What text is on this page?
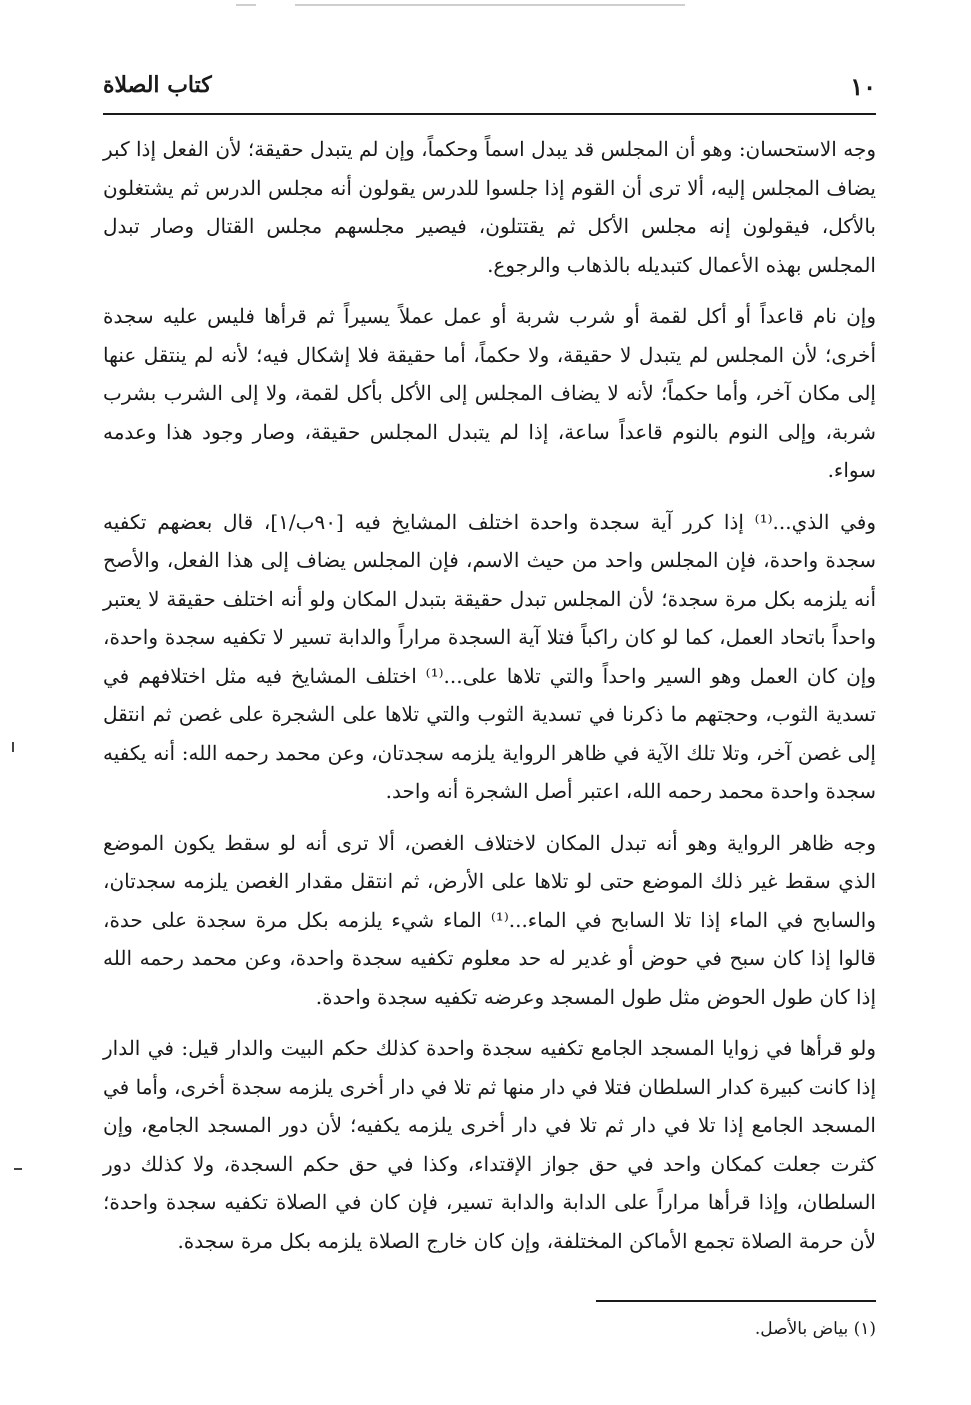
١٠
كتاب الصلاة

وجه الاستحسان: وهو أن المجلس قد يبدل اسماً وحكماً، وإن لم يتبدل حقيقة؛ لأن الفعل إذا كبر يضاف المجلس إليه، ألا ترى أن القوم إذا جلسوا للدرس يقولون أنه مجلس الدرس ثم يشتغلون بالأكل، فيقولون إنه مجلس الأكل ثم يقتتلون، فيصير مجلسهم مجلس القتال وصار تبدل المجلس بهذه الأعمال كتبديله بالذهاب والرجوع.

وإن نام قاعداً أو أكل لقمة أو شرب شربة أو عمل عملاً يسيراً ثم قرأها فليس عليه سجدة أخرى؛ لأن المجلس لم يتبدل لا حقيقة، ولا حكماً، أما حقيقة فلا إشكال فيه؛ لأنه لم ينتقل عنها إلى مكان آخر، وأما حكماً؛ لأنه لا يضاف المجلس إلى الأكل بأكل لقمة، ولا إلى الشرب بشرب شربة، وإلى النوم بالنوم قاعداً ساعة، إذا لم يتبدل المجلس حقيقة، وصار وجود هذا وعدمه سواء.

وفي الذي...⁽¹⁾ إذا كرر آية سجدة واحدة اختلف المشايخ فيه [٩٠ب/١]، قال بعضهم تكفيه سجدة واحدة، فإن المجلس واحد من حيث الاسم، فإن المجلس يضاف إلى هذا الفعل، والأصح أنه يلزمه بكل مرة سجدة؛ لأن المجلس تبدل حقيقة بتبدل المكان ولو أنه اختلف حقيقة لا يعتبر واحداً باتحاد العمل، كما لو كان راكباً فتلا آية السجدة مراراً والدابة تسير لا تكفيه سجدة واحدة، وإن كان العمل وهو السير واحداً والتي تلاها على...⁽¹⁾ اختلف المشايخ فيه مثل اختلافهم في تسدية الثوب، وحجتهم ما ذكرنا في تسدية الثوب والتي تلاها على الشجرة على غصن ثم انتقل إلى غصن آخر، وتلا تلك الآية في ظاهر الرواية يلزمه سجدتان، وعن محمد رحمه الله: أنه يكفيه سجدة واحدة محمد رحمه الله، اعتبر أصل الشجرة أنه واحد.

وجه ظاهر الرواية وهو أنه تبدل المكان لاختلاف الغصن، ألا ترى أنه لو سقط يكون الموضع الذي سقط غير ذلك الموضع حتى لو تلاها على الأرض، ثم انتقل مقدار الغصن يلزمه سجدتان، والسابح في الماء إذا تلا السابح في الماء...⁽¹⁾ الماء شيء يلزمه بكل مرة سجدة على حدة، قالوا إذا كان سبح في حوض أو غدير له حد معلوم تكفيه سجدة واحدة، وعن محمد رحمه الله إذا كان طول الحوض مثل طول المسجد وعرضه تكفيه سجدة واحدة.

ولو قرأها في زوايا المسجد الجامع تكفيه سجدة واحدة كذلك حكم البيت والدار قيل: في الدار إذا كانت كبيرة كدار السلطان فتلا في دار منها ثم تلا في دار أخرى يلزمه سجدة أخرى، وأما في المسجد الجامع إذا تلا في دار ثم تلا في دار أخرى يلزمه يكفيه؛ لأن دور المسجد الجامع، وإن كثرت جعلت كمكان واحد في حق جواز الإقتداء، وكذا في حق حكم السجدة، ولا كذلك دور السلطان، وإذا قرأها مراراً على الدابة والدابة تسير، فإن كان في الصلاة تكفيه سجدة واحدة؛ لأن حرمة الصلاة تجمع الأماكن المختلفة، وإن كان خارج الصلاة يلزمه بكل مرة سجدة.

(١) بياض بالأصل.
